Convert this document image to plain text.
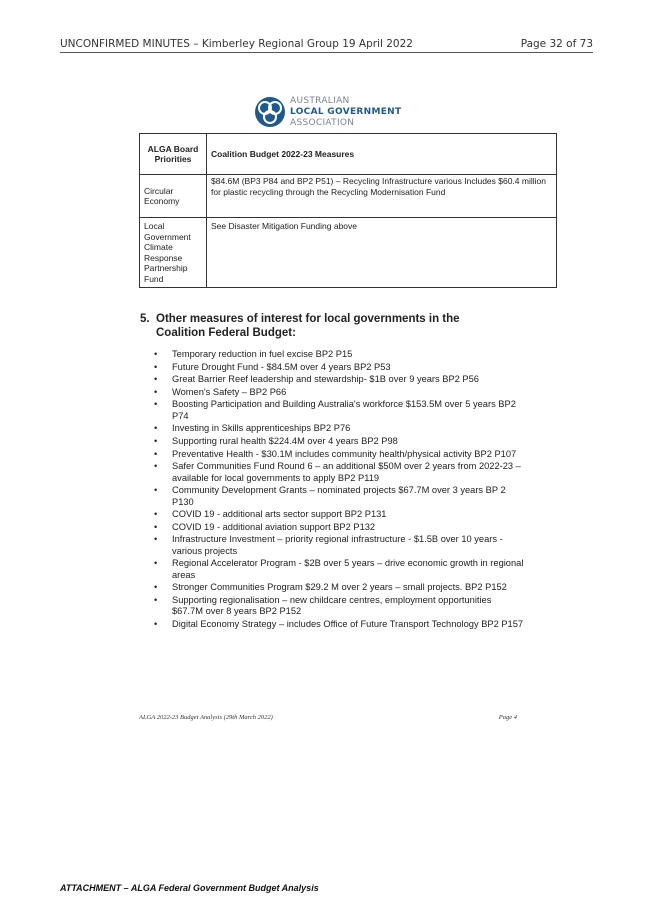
UNCONFIRMED MINUTES – Kimberley Regional Group 19 April 2022	Page 32 of 73
AUSTRALIAN
LOCAL GOVERNMENT
ASSOCIATION
ALGA Board Priorities	Coalition Budget 2022-23 Measures
Circular Economy	$84.6M (BP3 P84 and BP2 P51) – Recycling Infrastructure various Includes $60.4 million for plastic recycling through the Recycling Modernisation Fund
Local Government Climate Response Partnership Fund	See Disaster Mitigation Funding above
5. Other measures of interest for local governments in the Coalition Federal Budget:
• Temporary reduction in fuel excise BP2 P15
• Future Drought Fund - $84.5M over 4 years BP2 P53
• Great Barrier Reef leadership and stewardship- $1B over 9 years BP2 P56
• Women's Safety – BP2 P66
• Boosting Participation and Building Australia's workforce $153.5M over 5 years BP2 P74
• Investing in Skills apprenticeships BP2 P76
• Supporting rural health $224.4M over 4 years BP2 P98
• Preventative Health - $30.1M includes community health/physical activity BP2 P107
• Safer Communities Fund Round 6 – an additional $50M over 2 years from 2022-23 – available for local governments to apply BP2 P119
• Community Development Grants – nominated projects $67.7M over 3 years BP 2 P130
• COVID 19 - additional arts sector support BP2 P131
• COVID 19 - additional aviation support BP2 P132
• Infrastructure Investment – priority regional infrastructure - $1.5B over 10 years - various projects
• Regional Accelerator Program - $2B over 5 years – drive economic growth in regional areas
• Stronger Communities Program $29.2 M over 2 years – small projects. BP2 P152
• Supporting regionalisation – new childcare centres, employment opportunities $67.7M over 8 years BP2 P152
• Digital Economy Strategy – includes Office of Future Transport Technology BP2 P157
ALGA 2022-23 Budget Analysis (29th March 2022)	Page 4
ATTACHMENT – ALGA Federal Government Budget Analysis
